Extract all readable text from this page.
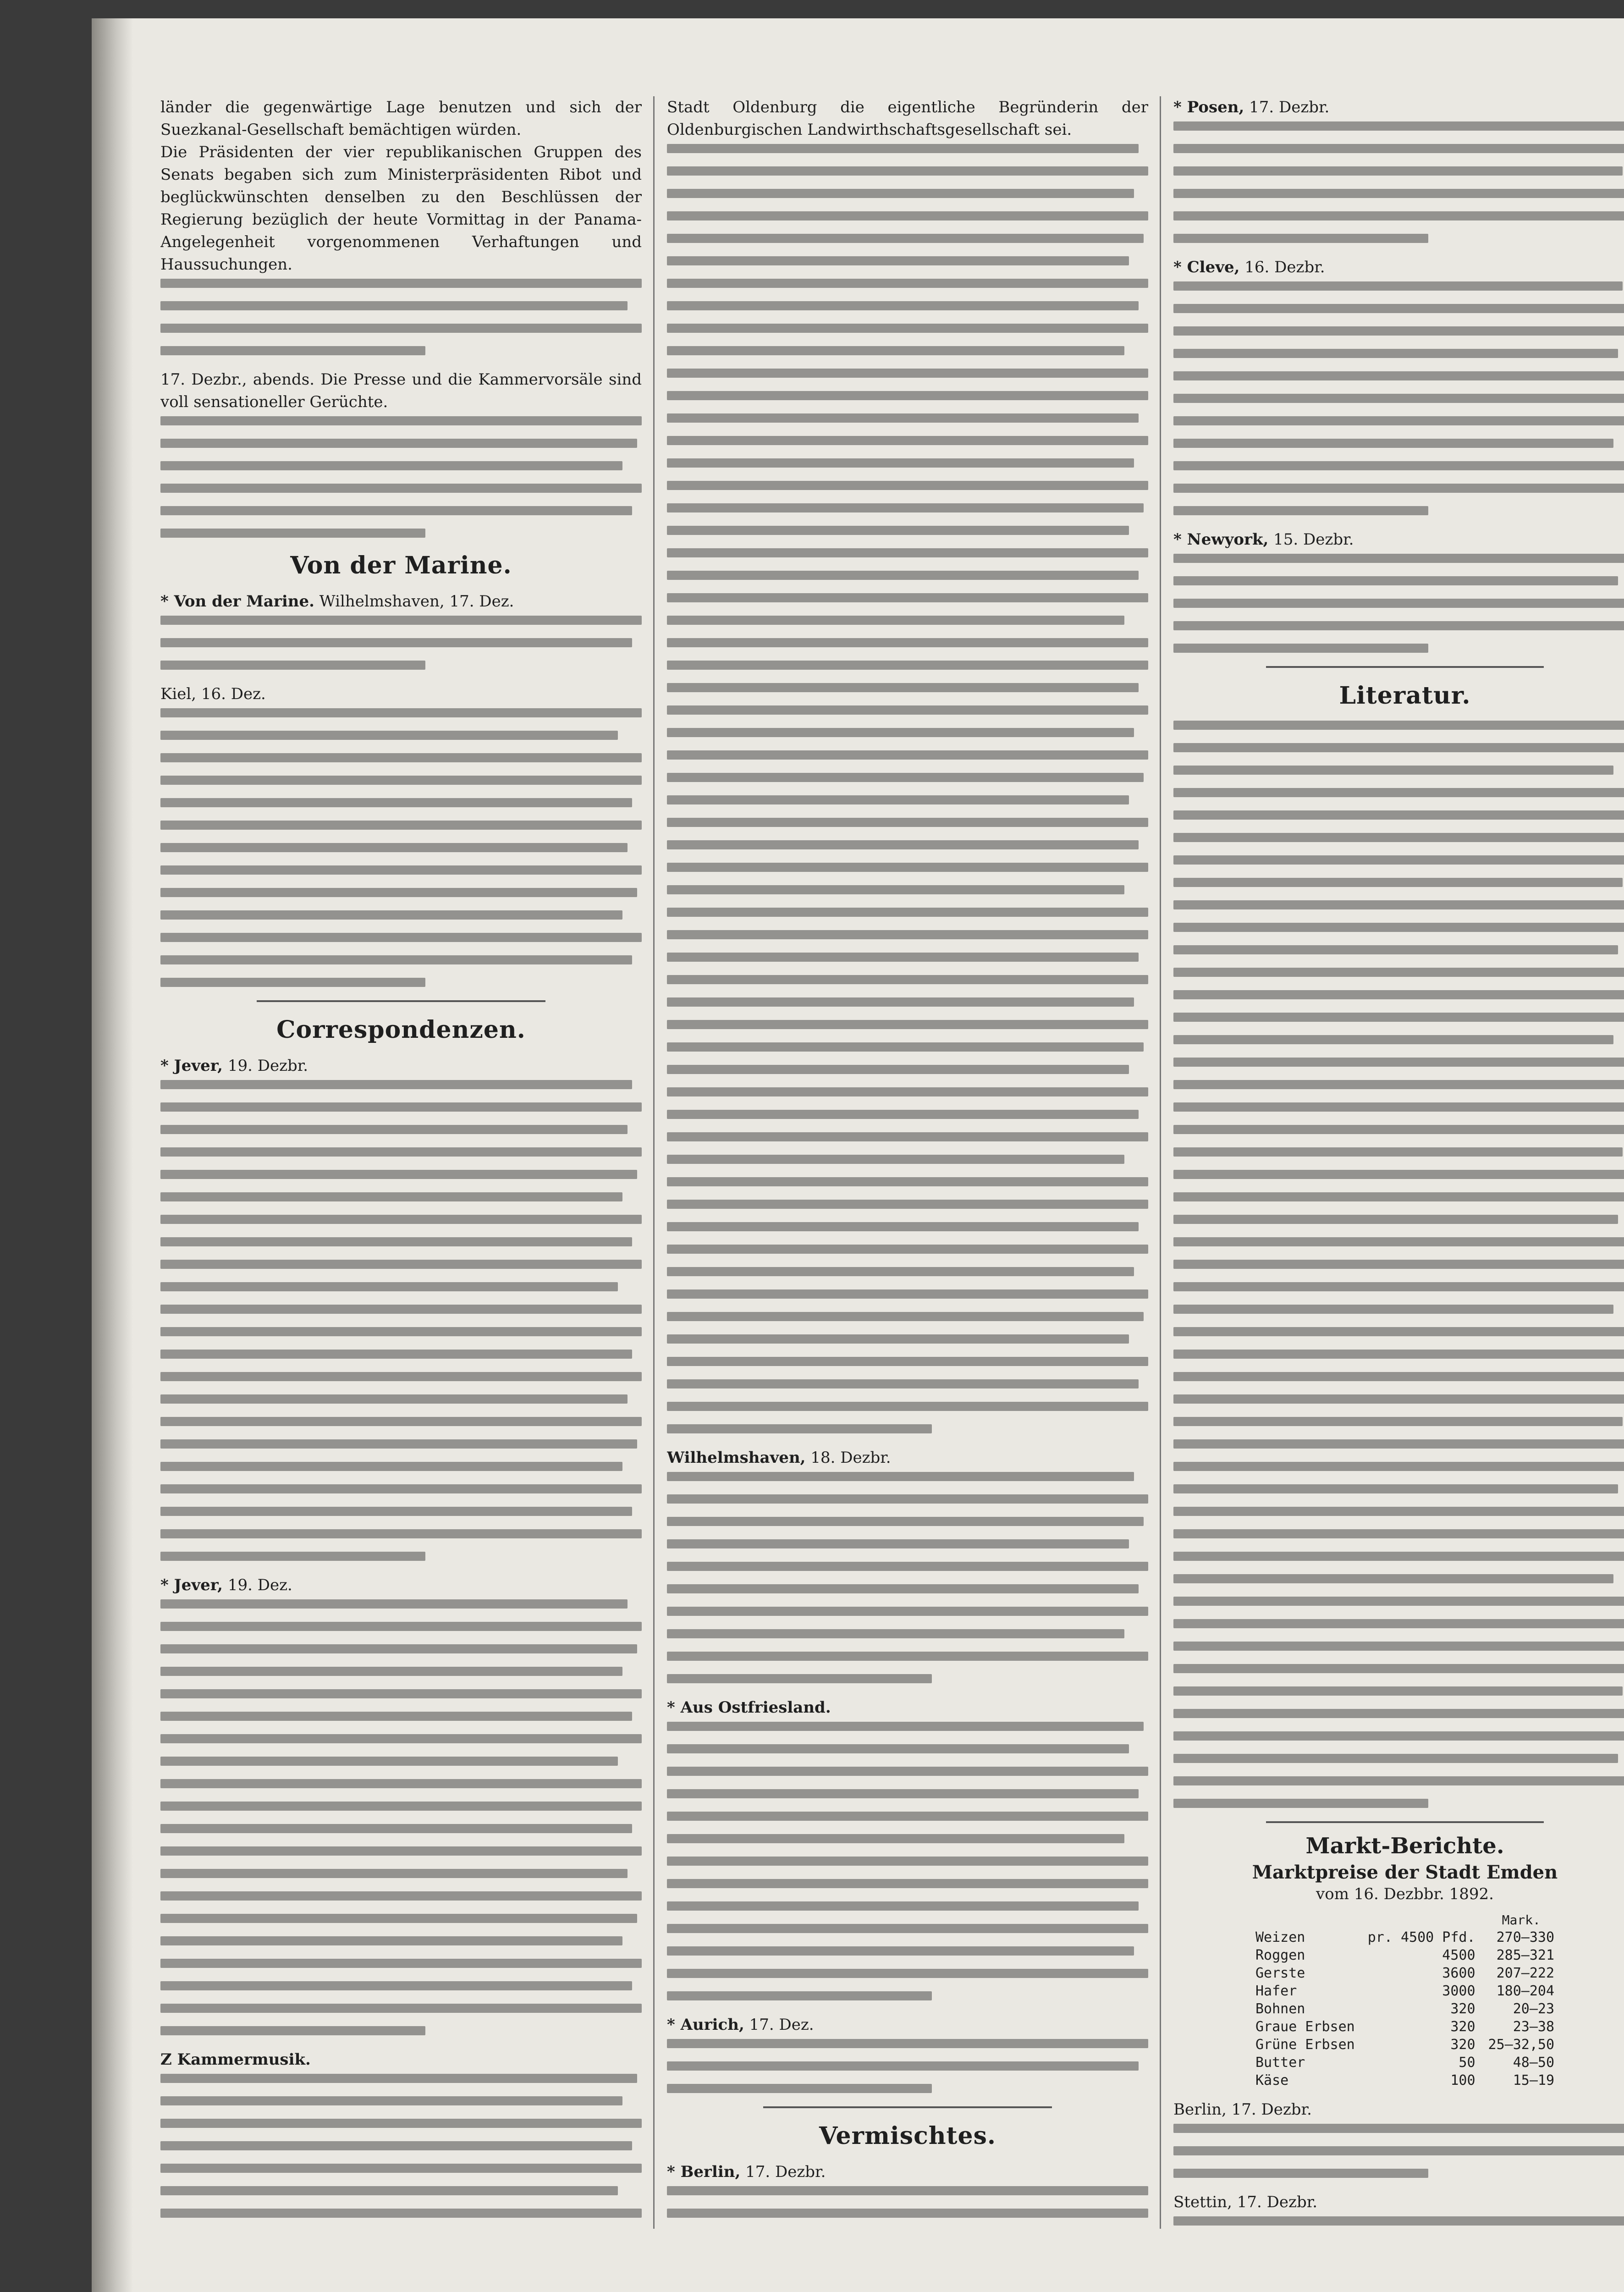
länder die gegenwärtige Lage benutzen und sich der Suezkanal-Gesellschaft bemächtigen würden.

Die Präsidenten der vier republikanischen Gruppen des Senats begaben sich zum Ministerpräsidenten Ribot und beglückwünschten denselben zu den Beschlüssen der Regierung bezüglich der heute Vormittag in der Panama-Angelegenheit vorgenommenen Verhaftungen und Haussuchungen.

17. Dezbr., abends. Die Presse und die Kammervorsäle sind voll sensationeller Gerüchte.

Von der Marine.

* Von der Marine. Wilhelmshaven, 17. Dez.

Kiel, 16. Dez.

Correspondenzen.

* Jever, 19. Dezbr.

* Jever, 19. Dez.

Z Kammermusik.

Stadt Oldenburg die eigentliche Begründerin der Oldenburgischen Landwirthschaftsgesellschaft sei.

Wilhelmshaven, 18. Dezbr.

* Aus Ostfriesland.

* Aurich, 17. Dez.

Vermischtes.

* Berlin, 17. Dezbr.

* Posen, 17. Dezbr.

* Cleve, 16. Dezbr.

* Newyork, 15. Dezbr.

Literatur.
Markt-Berichte.
Marktpreise der Stadt Emden
vom 16. Dezbbr. 1892.
		Mark.
Weizen	pr. 4500 Pfd.	270—330
Roggen	4500	285—321
Gerste	3600	207—222
Hafer	3000	180—204
Bohnen	320	20—23
Graue Erbsen	320	23—38
Grüne Erbsen	320	25—32,50
Butter	50	48—50
Käse	100	15—19

Berlin, 17. Dezbr.

Stettin, 17. Dezbr.
